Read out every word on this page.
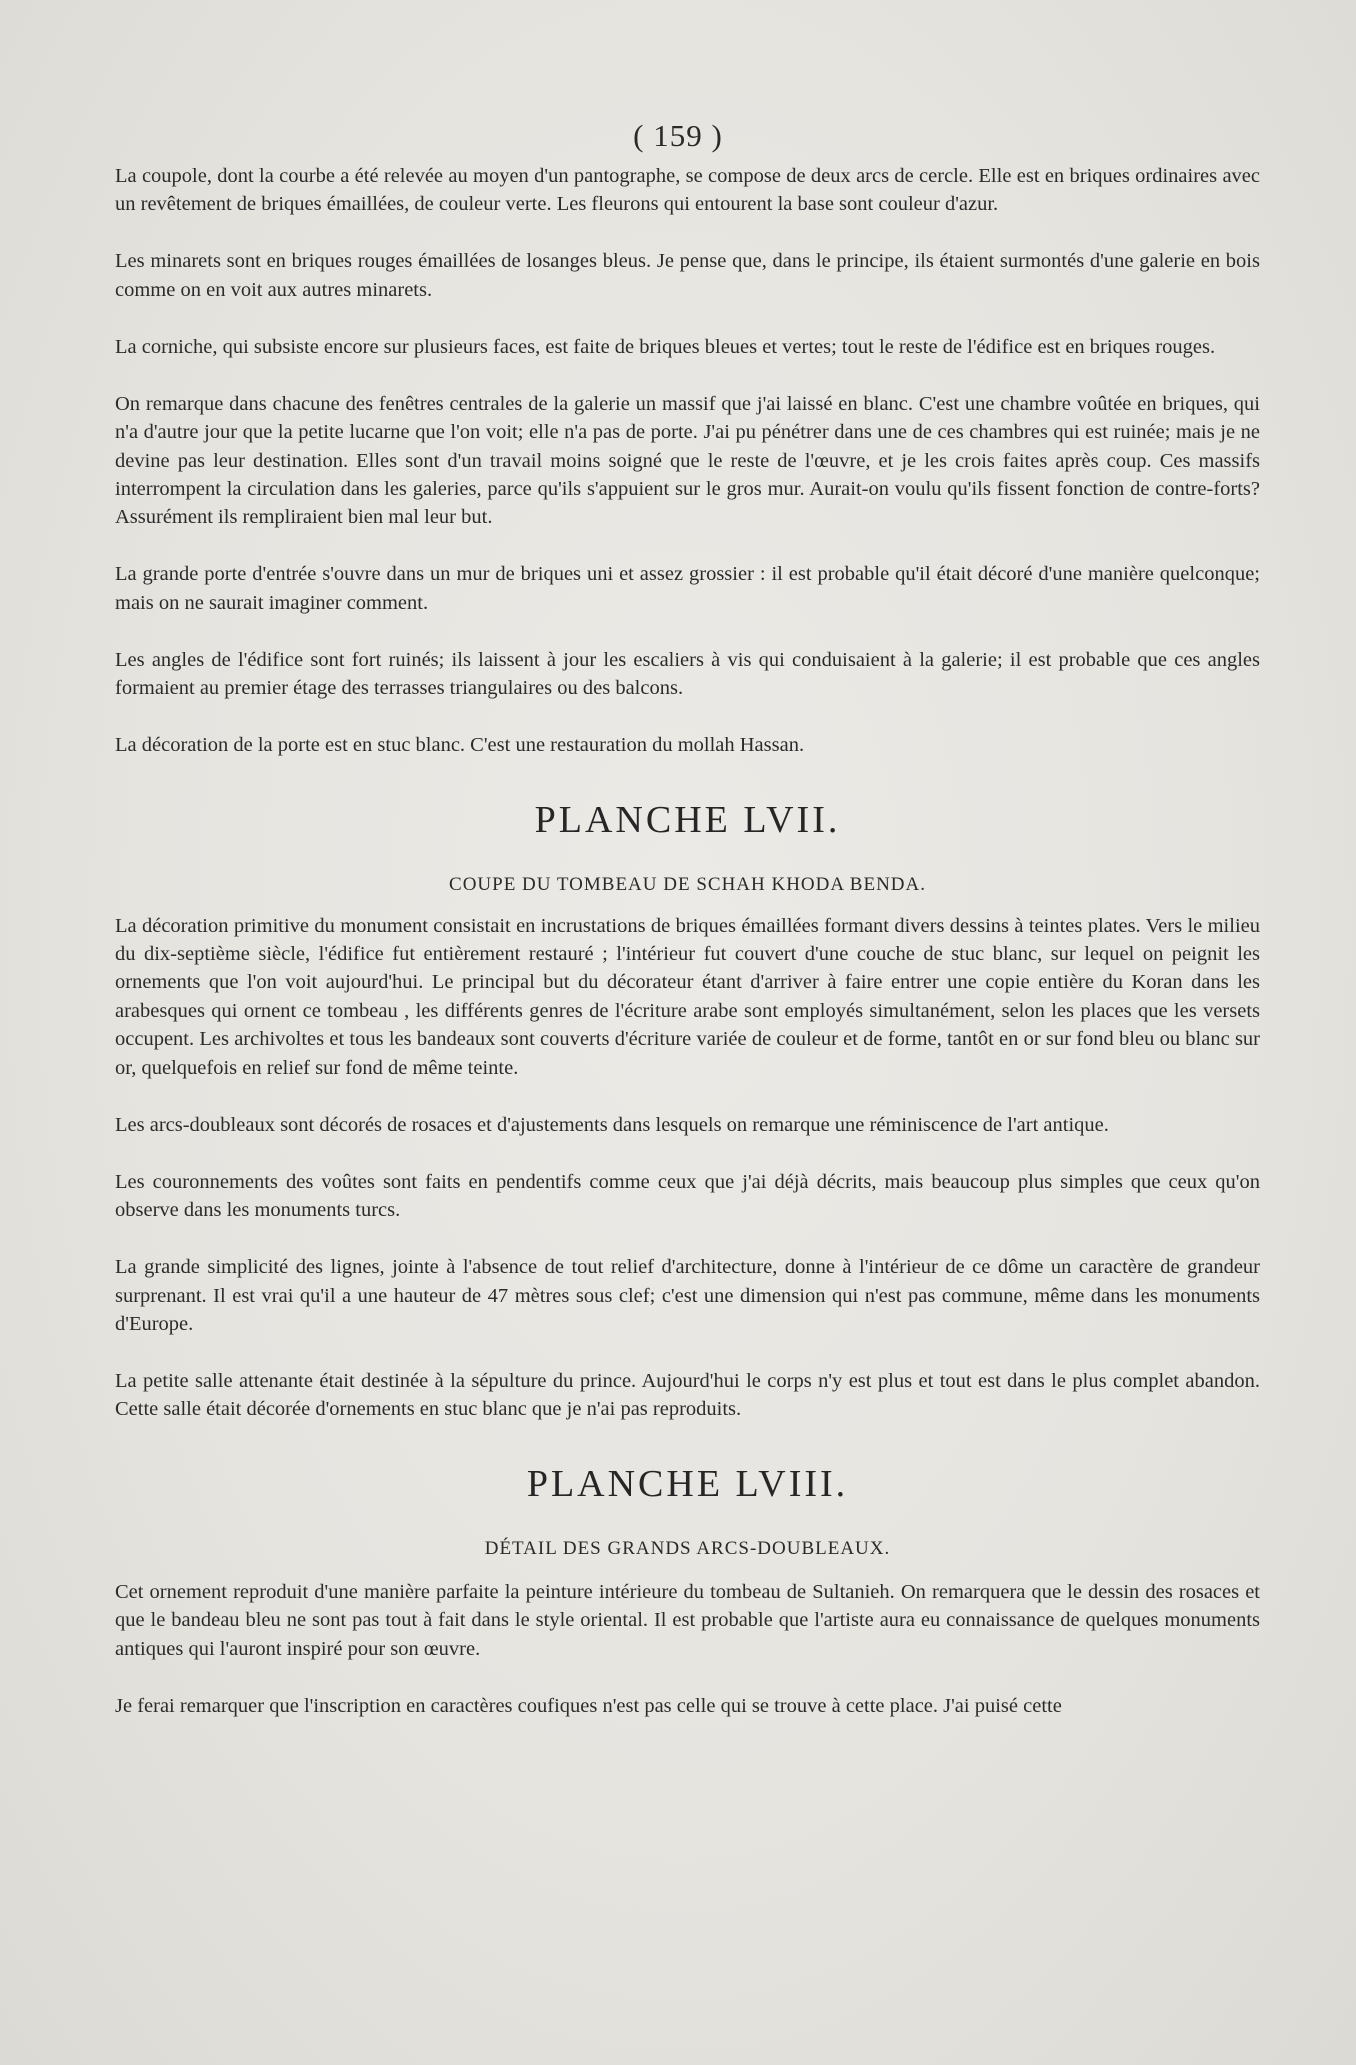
( 159 )

La coupole, dont la courbe a été relevée au moyen d'un pantographe, se compose de deux arcs de cercle. Elle est en briques ordinaires avec un revêtement de briques émaillées, de couleur verte. Les fleurons qui entourent la base sont couleur d'azur.

Les minarets sont en briques rouges émaillées de losanges bleus. Je pense que, dans le principe, ils étaient surmontés d'une galerie en bois comme on en voit aux autres minarets.

La corniche, qui subsiste encore sur plusieurs faces, est faite de briques bleues et vertes; tout le reste de l'édifice est en briques rouges.

On remarque dans chacune des fenêtres centrales de la galerie un massif que j'ai laissé en blanc. C'est une chambre voûtée en briques, qui n'a d'autre jour que la petite lucarne que l'on voit; elle n'a pas de porte. J'ai pu pénétrer dans une de ces chambres qui est ruinée; mais je ne devine pas leur destination. Elles sont d'un travail moins soigné que le reste de l'œuvre, et je les crois faites après coup. Ces massifs interrompent la circulation dans les galeries, parce qu'ils s'appuient sur le gros mur. Aurait-on voulu qu'ils fissent fonction de contre-forts? Assurément ils rempliraient bien mal leur but.

La grande porte d'entrée s'ouvre dans un mur de briques uni et assez grossier : il est probable qu'il était décoré d'une manière quelconque; mais on ne saurait imaginer comment.

Les angles de l'édifice sont fort ruinés; ils laissent à jour les escaliers à vis qui conduisaient à la galerie; il est probable que ces angles formaient au premier étage des terrasses triangulaires ou des balcons.

La décoration de la porte est en stuc blanc. C'est une restauration du mollah Hassan.

PLANCHE LVII.
COUPE DU TOMBEAU DE SCHAH KHODA BENDA.

La décoration primitive du monument consistait en incrustations de briques émaillées formant divers dessins à teintes plates. Vers le milieu du dix-septième siècle, l'édifice fut entièrement restauré ; l'intérieur fut couvert d'une couche de stuc blanc, sur lequel on peignit les ornements que l'on voit aujourd'hui. Le principal but du décorateur étant d'arriver à faire entrer une copie entière du Koran dans les arabesques qui ornent ce tombeau , les différents genres de l'écriture arabe sont employés simultanément, selon les places que les versets occupent. Les archivoltes et tous les bandeaux sont couverts d'écriture variée de couleur et de forme, tantôt en or sur fond bleu ou blanc sur or, quelquefois en relief sur fond de même teinte.

Les arcs-doubleaux sont décorés de rosaces et d'ajustements dans lesquels on remarque une réminiscence de l'art antique.

Les couronnements des voûtes sont faits en pendentifs comme ceux que j'ai déjà décrits, mais beaucoup plus simples que ceux qu'on observe dans les monuments turcs.

La grande simplicité des lignes, jointe à l'absence de tout relief d'architecture, donne à l'intérieur de ce dôme un caractère de grandeur surprenant. Il est vrai qu'il a une hauteur de 47 mètres sous clef; c'est une dimension qui n'est pas commune, même dans les monuments d'Europe.

La petite salle attenante était destinée à la sépulture du prince. Aujourd'hui le corps n'y est plus et tout est dans le plus complet abandon. Cette salle était décorée d'ornements en stuc blanc que je n'ai pas reproduits.

PLANCHE LVIII.
DÉTAIL DES GRANDS ARCS-DOUBLEAUX.

Cet ornement reproduit d'une manière parfaite la peinture intérieure du tombeau de Sultanieh. On remarquera que le dessin des rosaces et que le bandeau bleu ne sont pas tout à fait dans le style oriental. Il est probable que l'artiste aura eu connaissance de quelques monuments antiques qui l'auront inspiré pour son œuvre.

Je ferai remarquer que l'inscription en caractères coufiques n'est pas celle qui se trouve à cette place. J'ai puisé cette
